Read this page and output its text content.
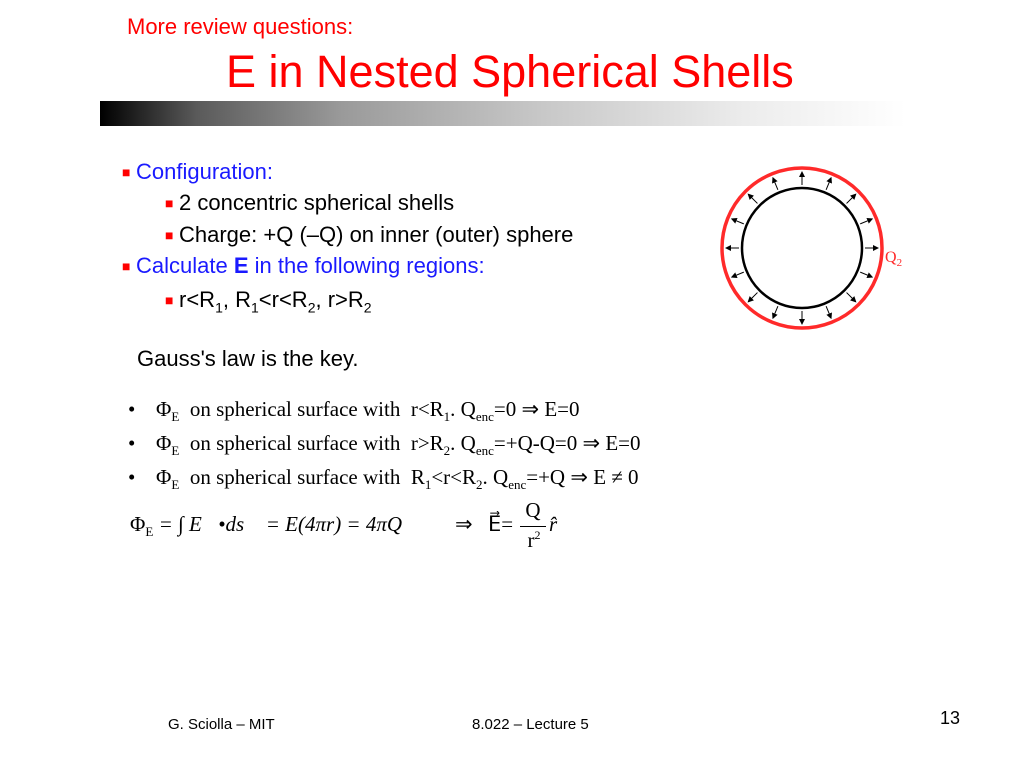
More review questions:
E in Nested Spherical Shells
■ Configuration:
■ 2 concentric spherical shells
■ Charge: +Q (–Q) on inner (outer) sphere
■ Calculate E in the following regions:
■ $r<R_1$, $R_1<r<R_2$, $r>R_2$
Gauss's law is the key.
• $\Phi_E$ on spherical surface with $r<R_1$. $Q_{enc}=0$ ⇒ E=0
• $\Phi_E$ on spherical surface with $r>R_2$. $Q_{enc}=+Q-Q=0$ ⇒ E=0
• $\Phi_E$ on spherical surface with $R_1<r<R_2$. $Q_{enc}=+Q$ ⇒ E ≠ 0
$\Phi_E$ = ∫ E⃗•ds⃗ = E(4πr) = 4πQ	⇒ E⃗=
Q
$r^2$ r̂
$Q_2$
G. Sciolla – MIT	8.022 – Lecture 5	13
